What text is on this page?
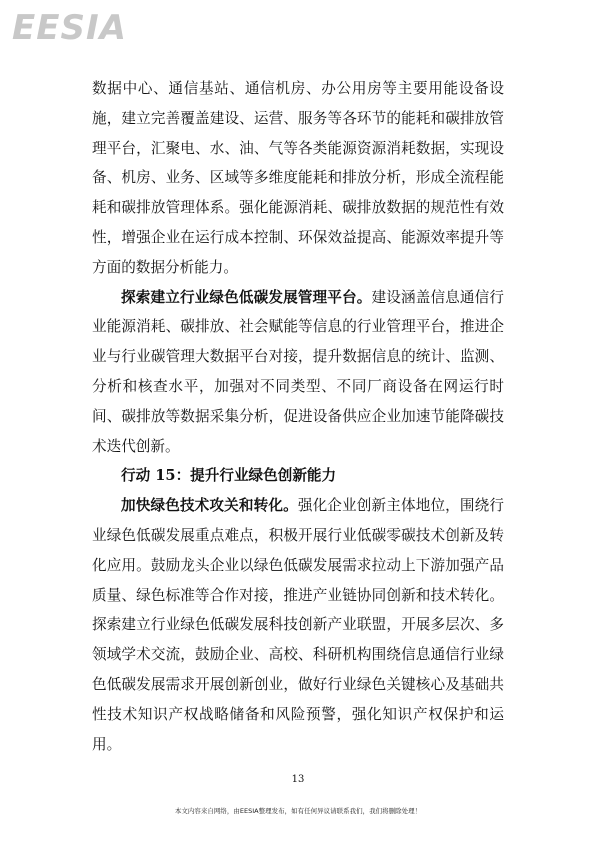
EESIA

数据中心、通信基站、通信机房、办公用房等主要用能设备设施，建立完善覆盖建设、运营、服务等各环节的能耗和碳排放管理平台，汇聚电、水、油、气等各类能源资源消耗数据，实现设备、机房、业务、区域等多维度能耗和排放分析，形成全流程能耗和碳排放管理体系。强化能源消耗、碳排放数据的规范性有效性，增强企业在运行成本控制、环保效益提高、能源效率提升等方面的数据分析能力。

探索建立行业绿色低碳发展管理平台。建设涵盖信息通信行业能源消耗、碳排放、社会赋能等信息的行业管理平台，推进企业与行业碳管理大数据平台对接，提升数据信息的统计、监测、分析和核查水平，加强对不同类型、不同厂商设备在网运行时间、碳排放等数据采集分析，促进设备供应企业加速节能降碳技术迭代创新。

行动 15：提升行业绿色创新能力

加快绿色技术攻关和转化。强化企业创新主体地位，围绕行业绿色低碳发展重点难点，积极开展行业低碳零碳技术创新及转化应用。鼓励龙头企业以绿色低碳发展需求拉动上下游加强产品质量、绿色标准等合作对接，推进产业链协同创新和技术转化。探索建立行业绿色低碳发展科技创新产业联盟，开展多层次、多领域学术交流，鼓励企业、高校、科研机构围绕信息通信行业绿色低碳发展需求开展创新创业，做好行业绿色关键核心及基础共性技术知识产权战略储备和风险预警，强化知识产权保护和运用。

13
本文内容来自网络，由EESIA整理发布，如有任何异议请联系我们，我们将删除处理！
